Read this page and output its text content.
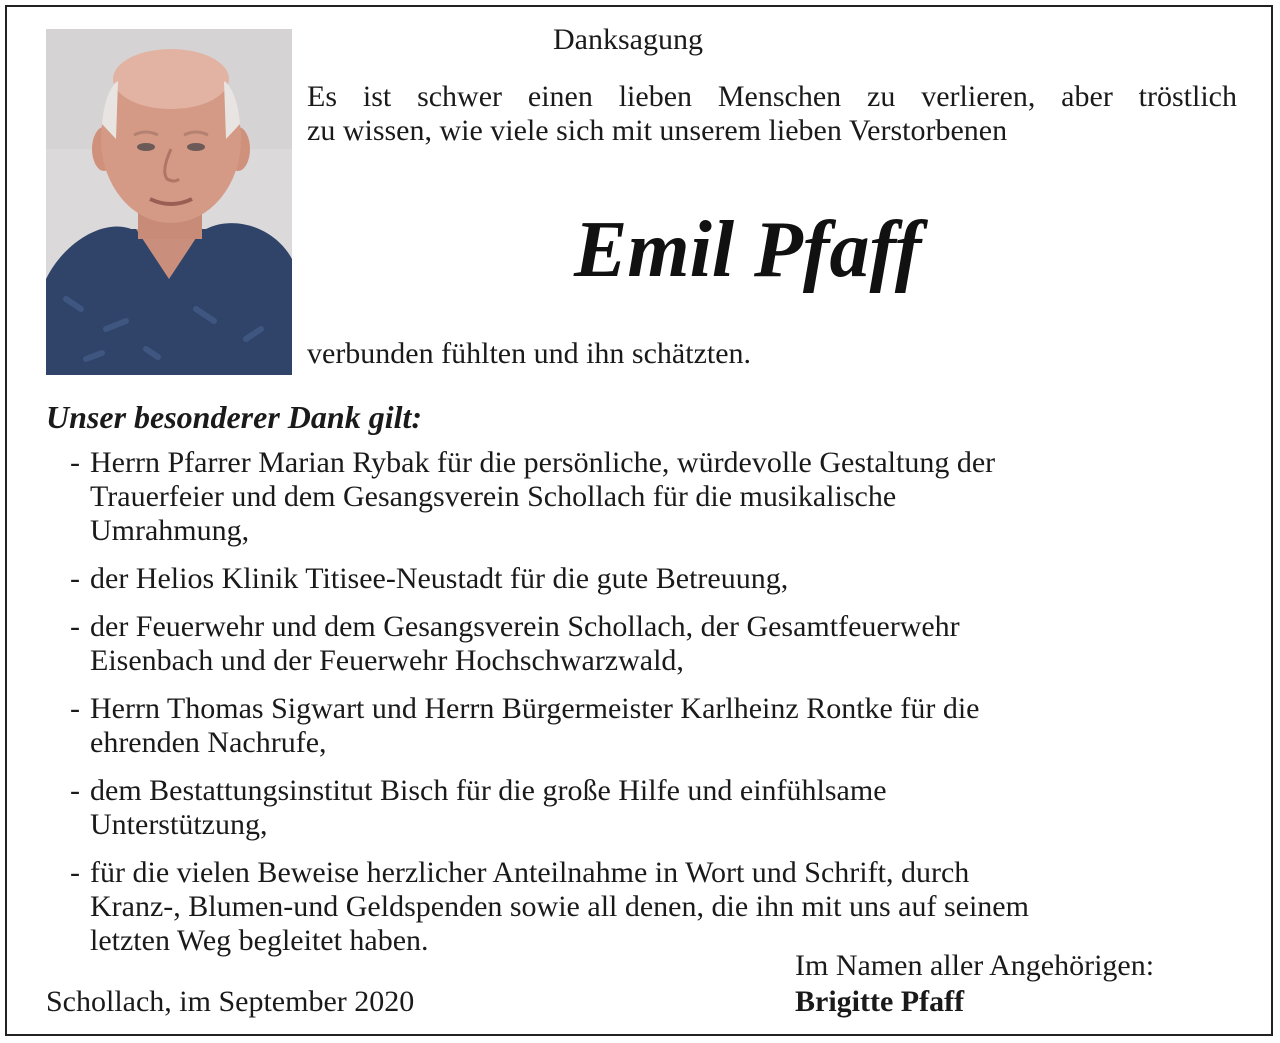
Danksagung
Es ist schwer einen lieben Menschen zu verlieren, aber tröstlich
zu wissen, wie viele sich mit unserem lieben Verstorbenen
Emil Pfaff
verbunden fühlten und ihn schätzten.
Unser besonderer Dank gilt:
- Herrn Pfarrer Marian Rybak für die persönliche, würdevolle Gestaltung der
Trauerfeier und dem Gesangsverein Schollach für die musikalische
Umrahmung,
- der Helios Klinik Titisee-Neustadt für die gute Betreuung,
- der Feuerwehr und dem Gesangsverein Schollach, der Gesamtfeuerwehr
Eisenbach und der Feuerwehr Hochschwarzwald,
- Herrn Thomas Sigwart und Herrn Bürgermeister Karlheinz Rontke für die
ehrenden Nachrufe,
- dem Bestattungsinstitut Bisch für die große Hilfe und einfühlsame
Unterstützung,
- für die vielen Beweise herzlicher Anteilnahme in Wort und Schrift, durch
Kranz-, Blumen-und Geldspenden sowie all denen, die ihn mit uns auf seinem
letzten Weg begleitet haben.
Schollach, im September 2020
Im Namen aller Angehörigen:
Brigitte Pfaff
